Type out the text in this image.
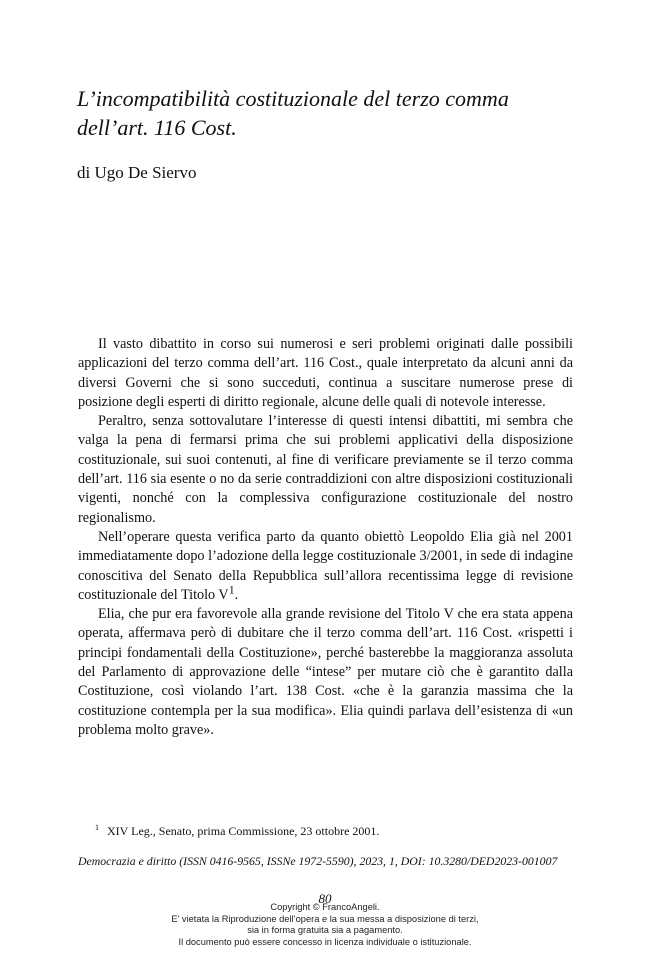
L’incompatibilità costituzionale del terzo comma
dell’art. 116 Cost.

di Ugo De Siervo

Il vasto dibattito in corso sui numerosi e seri problemi originati dalle possibili applicazioni del terzo comma dell’art. 116 Cost., quale interpretato da alcuni anni da diversi Governi che si sono succeduti, continua a suscitare numerose prese di posizione degli esperti di diritto regionale, alcune delle quali di notevole interesse.

Peraltro, senza sottovalutare l’interesse di questi intensi dibattiti, mi sembra che valga la pena di fermarsi prima che sui problemi applicativi della disposizione costituzionale, sui suoi contenuti, al fine di verificare previamente se il terzo comma dell’art. 116 sia esente o no da serie contraddizioni con altre disposizioni costituzionali vigenti, nonché con la complessiva configurazione costituzionale del nostro regionalismo.

Nell’operare questa verifica parto da quanto obiettò Leopoldo Elia già nel 2001 immediatamente dopo l’adozione della legge costituzionale 3/2001, in sede di indagine conoscitiva del Senato della Repubblica sull’allora recentissima legge di revisione costituzionale del Titolo $V^1$.

Elia, che pur era favorevole alla grande revisione del Titolo V che era stata appena operata, affermava però di dubitare che il terzo comma dell’art. 116 Cost. «rispetti i principi fondamentali della Costituzione», perché basterebbe la maggioranza assoluta del Parlamento di approvazione delle “intese” per mutare ciò che è garantito dalla Costituzione, così violando l’art. 138 Cost. «che è la garanzia massima che la costituzione contempla per la sua modifica». Elia quindi parlava dell’esistenza di «un problema molto grave».

$^1$ XIV Leg., Senato, prima Commissione, 23 ottobre 2001.
Democrazia e diritto (ISSN 0416-9565, ISSNe 1972-5590), 2023, 1, DOI: 10.3280/DED2023-001007
80
Copyright © FrancoAngeli.
E’ vietata la Riproduzione dell’opera e la sua messa a disposizione di terzi,
sia in forma gratuita sia a pagamento.
Il documento può essere concesso in licenza individuale o istituzionale.
